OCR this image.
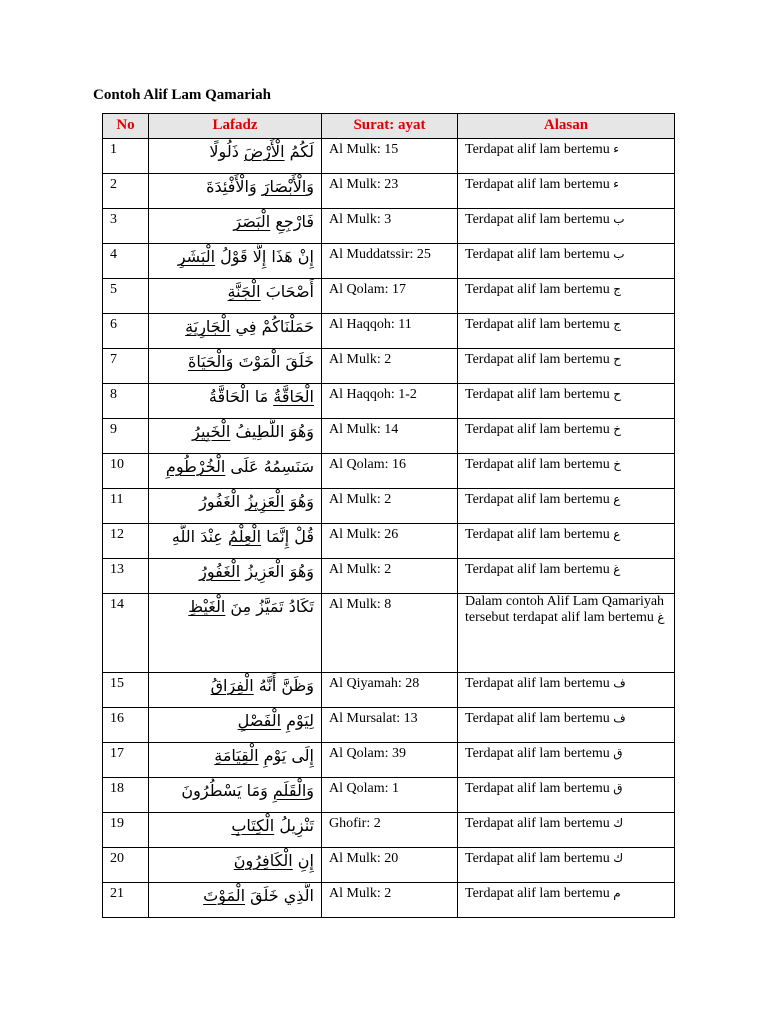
Contoh Alif Lam Qamariah
No	Lafadz	Surat: ayat	Alasan
1	لَكُمُ الْأَرْضَ ذَلُولًا	Al Mulk: 15	Terdapat alif lam bertemu ء
2	وَالْأَبْصَارَ وَالْأَفْئِدَةَ	Al Mulk: 23	Terdapat alif lam bertemu ء
3	فَارْجِعِ الْبَصَرَ	Al Mulk: 3	Terdapat alif lam bertemu ب
4	إِنْ هَذَا إِلَّا قَوْلُ الْبَشَرِ	Al Muddatssir: 25	Terdapat alif lam bertemu ب
5	أَصْحَابَ الْجَنَّةِ	Al Qolam: 17	Terdapat alif lam bertemu ج
6	حَمَلْنَاكُمْ فِي الْجَارِيَةِ	Al Haqqoh: 11	Terdapat alif lam bertemu ج
7	خَلَقَ الْمَوْتَ وَالْحَيَاةَ	Al Mulk: 2	Terdapat alif lam bertemu ح
8	الْحَاقَّةُ مَا الْحَاقَّةُ	Al Haqqoh: 1-2	Terdapat alif lam bertemu ح
9	وَهُوَ اللَّطِيفُ الْخَبِيرُ	Al Mulk: 14	Terdapat alif lam bertemu خ
10	سَنَسِمُهُ عَلَى الْخُرْطُومِ	Al Qolam: 16	Terdapat alif lam bertemu خ
11	وَهُوَ الْعَزِيزُ الْغَفُورُ	Al Mulk: 2	Terdapat alif lam bertemu ع
12	قُلْ إِنَّمَا الْعِلْمُ عِنْدَ اللَّهِ	Al Mulk: 26	Terdapat alif lam bertemu ع
13	وَهُوَ الْعَزِيزُ الْغَفُورُ	Al Mulk: 2	Terdapat alif lam bertemu غ
14	تَكَادُ تَمَيَّزُ مِنَ الْغَيْظِ	Al Mulk: 8	Dalam contoh Alif Lam Qamariyah tersebut terdapat alif lam bertemu غ
15	وَظَنَّ أَنَّهُ الْفِرَاقُ	Al Qiyamah: 28	Terdapat alif lam bertemu ف
16	لِيَوْمِ الْفَصْلِ	Al Mursalat: 13	Terdapat alif lam bertemu ف
17	إِلَى يَوْمِ الْقِيَامَةِ	Al Qolam: 39	Terdapat alif lam bertemu ق
18	وَالْقَلَمِ وَمَا يَسْطُرُونَ	Al Qolam: 1	Terdapat alif lam bertemu ق
19	تَنْزِيلُ الْكِتَابِ	Ghofir: 2	Terdapat alif lam bertemu ك
20	إِنِ الْكَافِرُونَ	Al Mulk: 20	Terdapat alif lam bertemu ك
21	الَّذِي خَلَقَ الْمَوْتَ	Al Mulk: 2	Terdapat alif lam bertemu م
